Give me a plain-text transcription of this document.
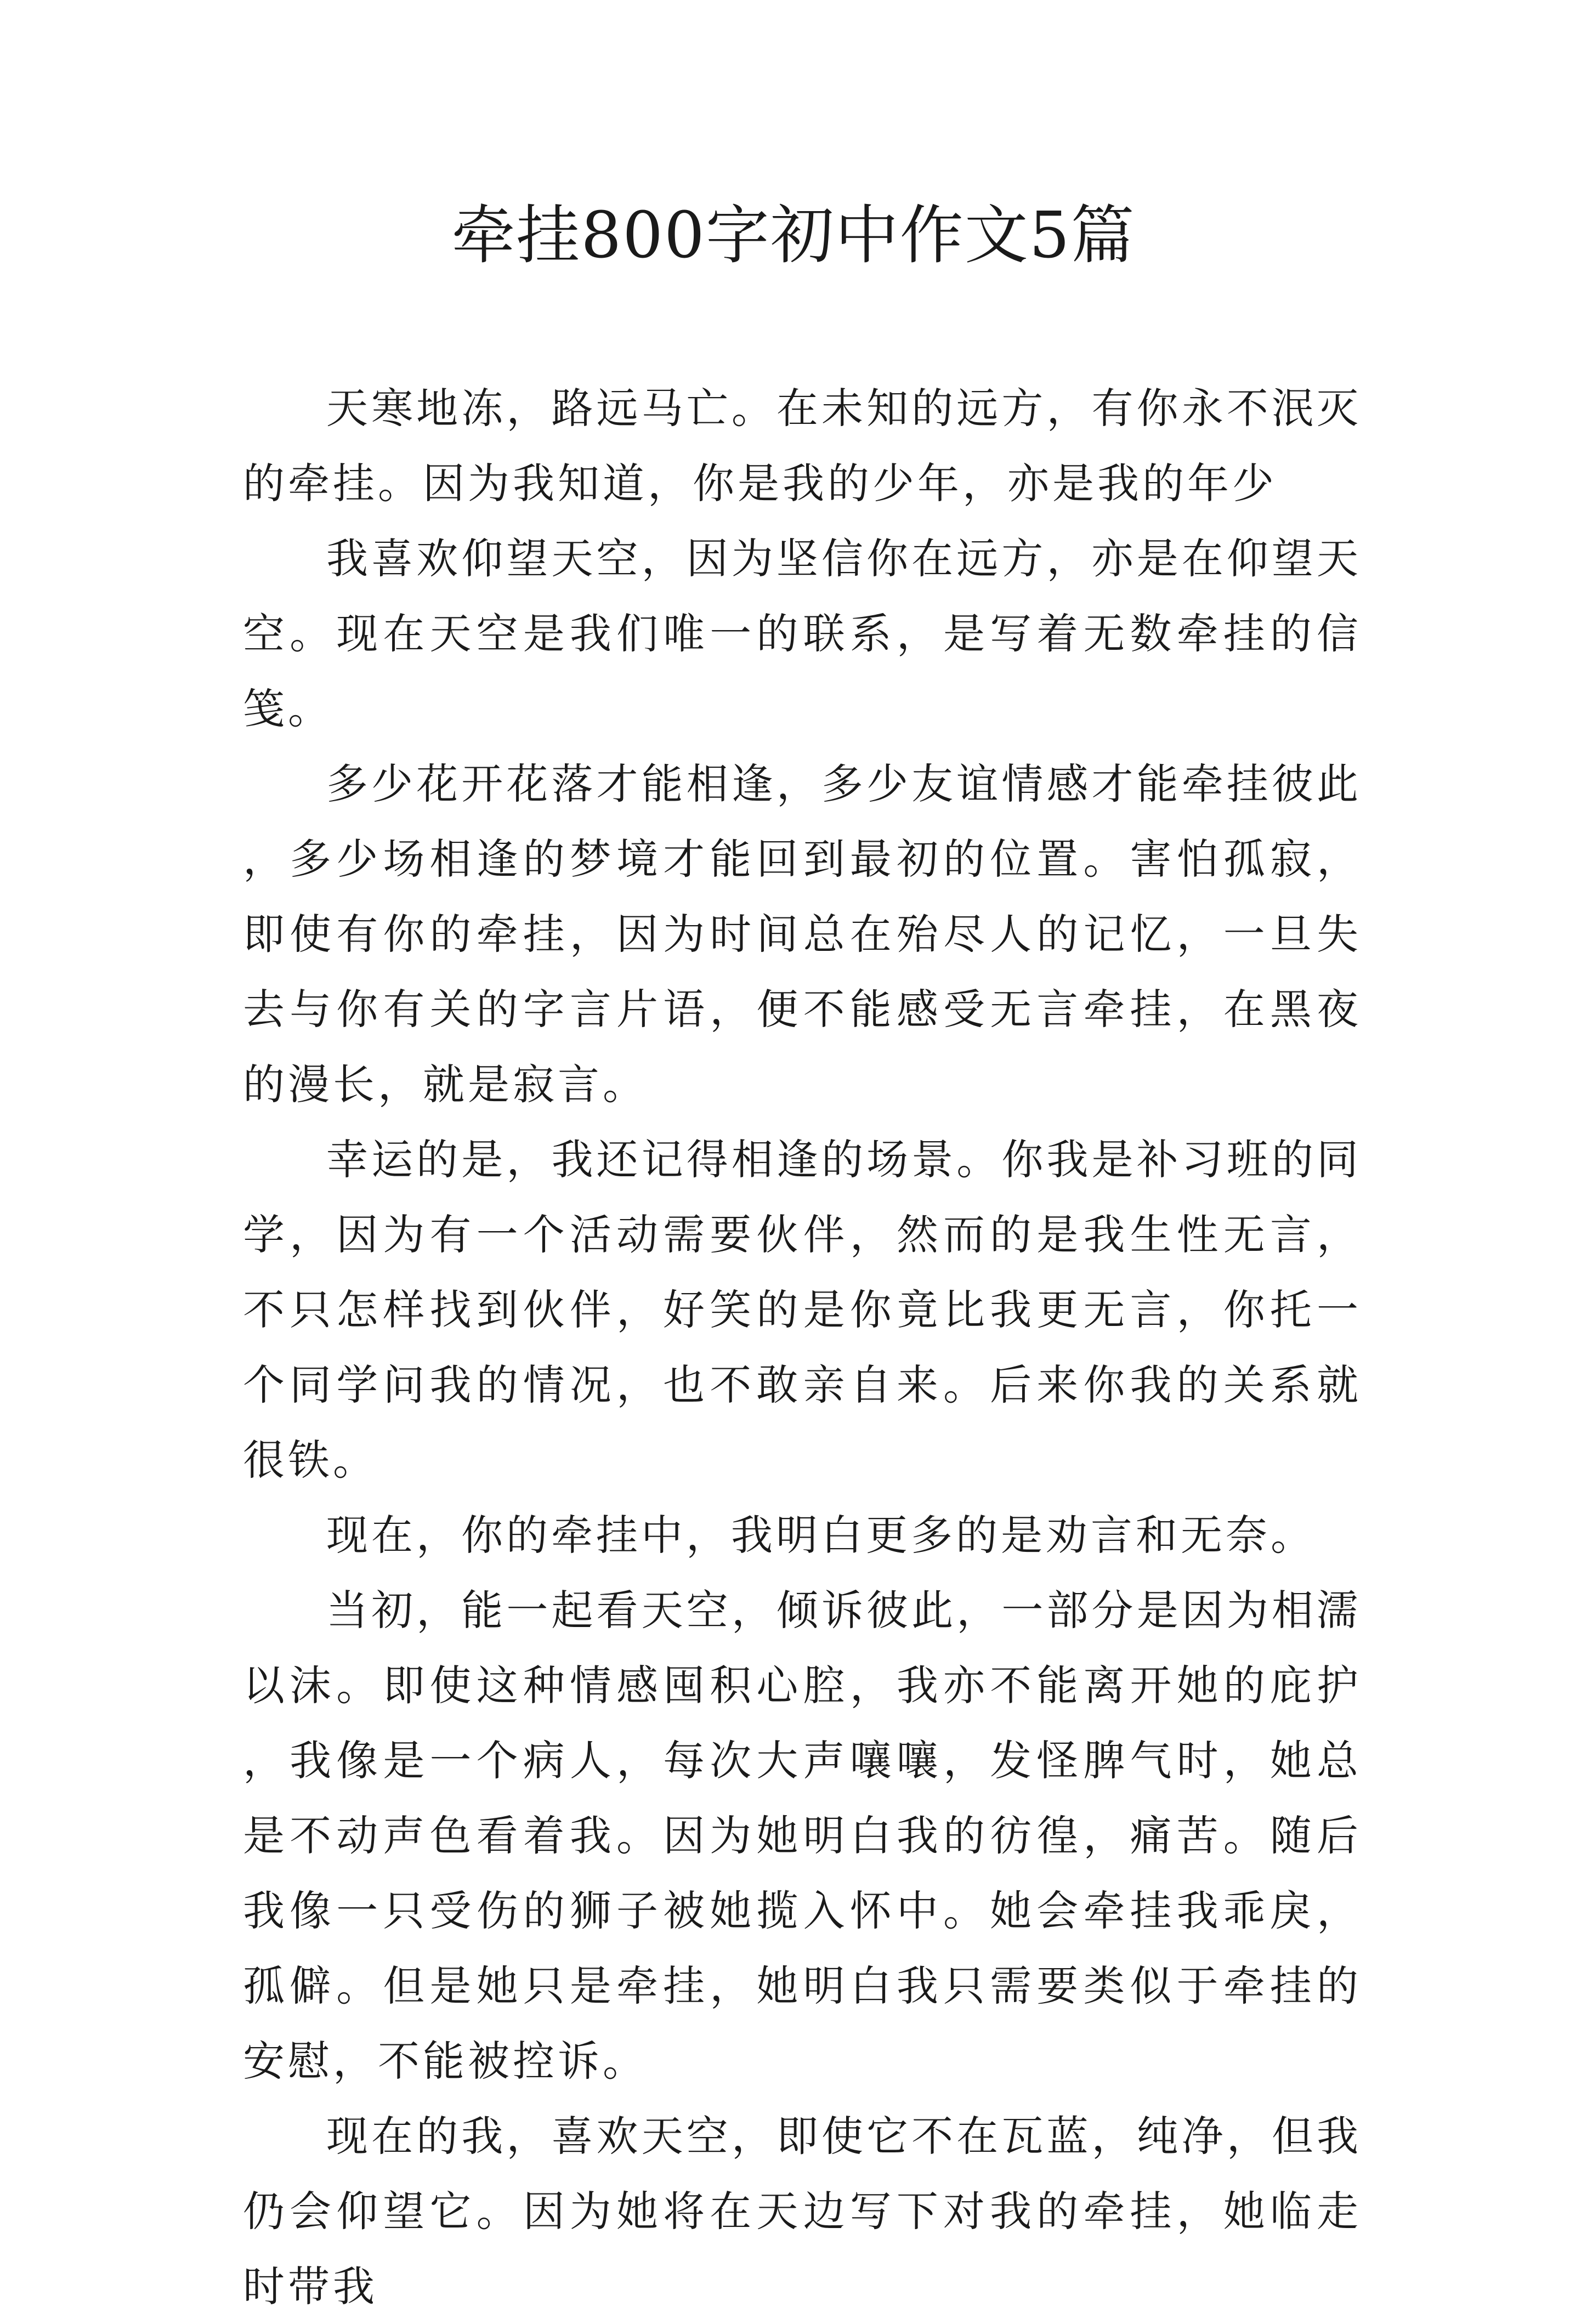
牵挂800字初中作文5篇

天寒地冻，路远马亡。在未知的远方，有你永不泯灭的牵挂。因为我知道，你是我的少年，亦是我的年少

我喜欢仰望天空，因为坚信你在远方，亦是在仰望天空。现在天空是我们唯一的联系，是写着无数牵挂的信笺。

多少花开花落才能相逢，多少友谊情感才能牵挂彼此，多少场相逢的梦境才能回到最初的位置。害怕孤寂，即使有你的牵挂，因为时间总在殆尽人的记忆，一旦失去与你有关的字言片语，便不能感受无言牵挂，在黑夜的漫长，就是寂言。

幸运的是，我还记得相逢的场景。你我是补习班的同学，因为有一个活动需要伙伴，然而的是我生性无言，不只怎样找到伙伴，好笑的是你竟比我更无言，你托一个同学问我的情况，也不敢亲自来。后来你我的关系就很铁。

现在，你的牵挂中，我明白更多的是劝言和无奈。

当初，能一起看天空，倾诉彼此，一部分是因为相濡以沫。即使这种情感囤积心腔，我亦不能离开她的庇护，我像是一个病人，每次大声嚷嚷，发怪脾气时，她总是不动声色看着我。因为她明白我的彷徨，痛苦。随后我像一只受伤的狮子被她揽入怀中。她会牵挂我乖戾，孤僻。但是她只是牵挂，她明白我只需要类似于牵挂的安慰，不能被控诉。

现在的我，喜欢天空，即使它不在瓦蓝，纯净，但我仍会仰望它。因为她将在天边写下对我的牵挂，她临走时带我
